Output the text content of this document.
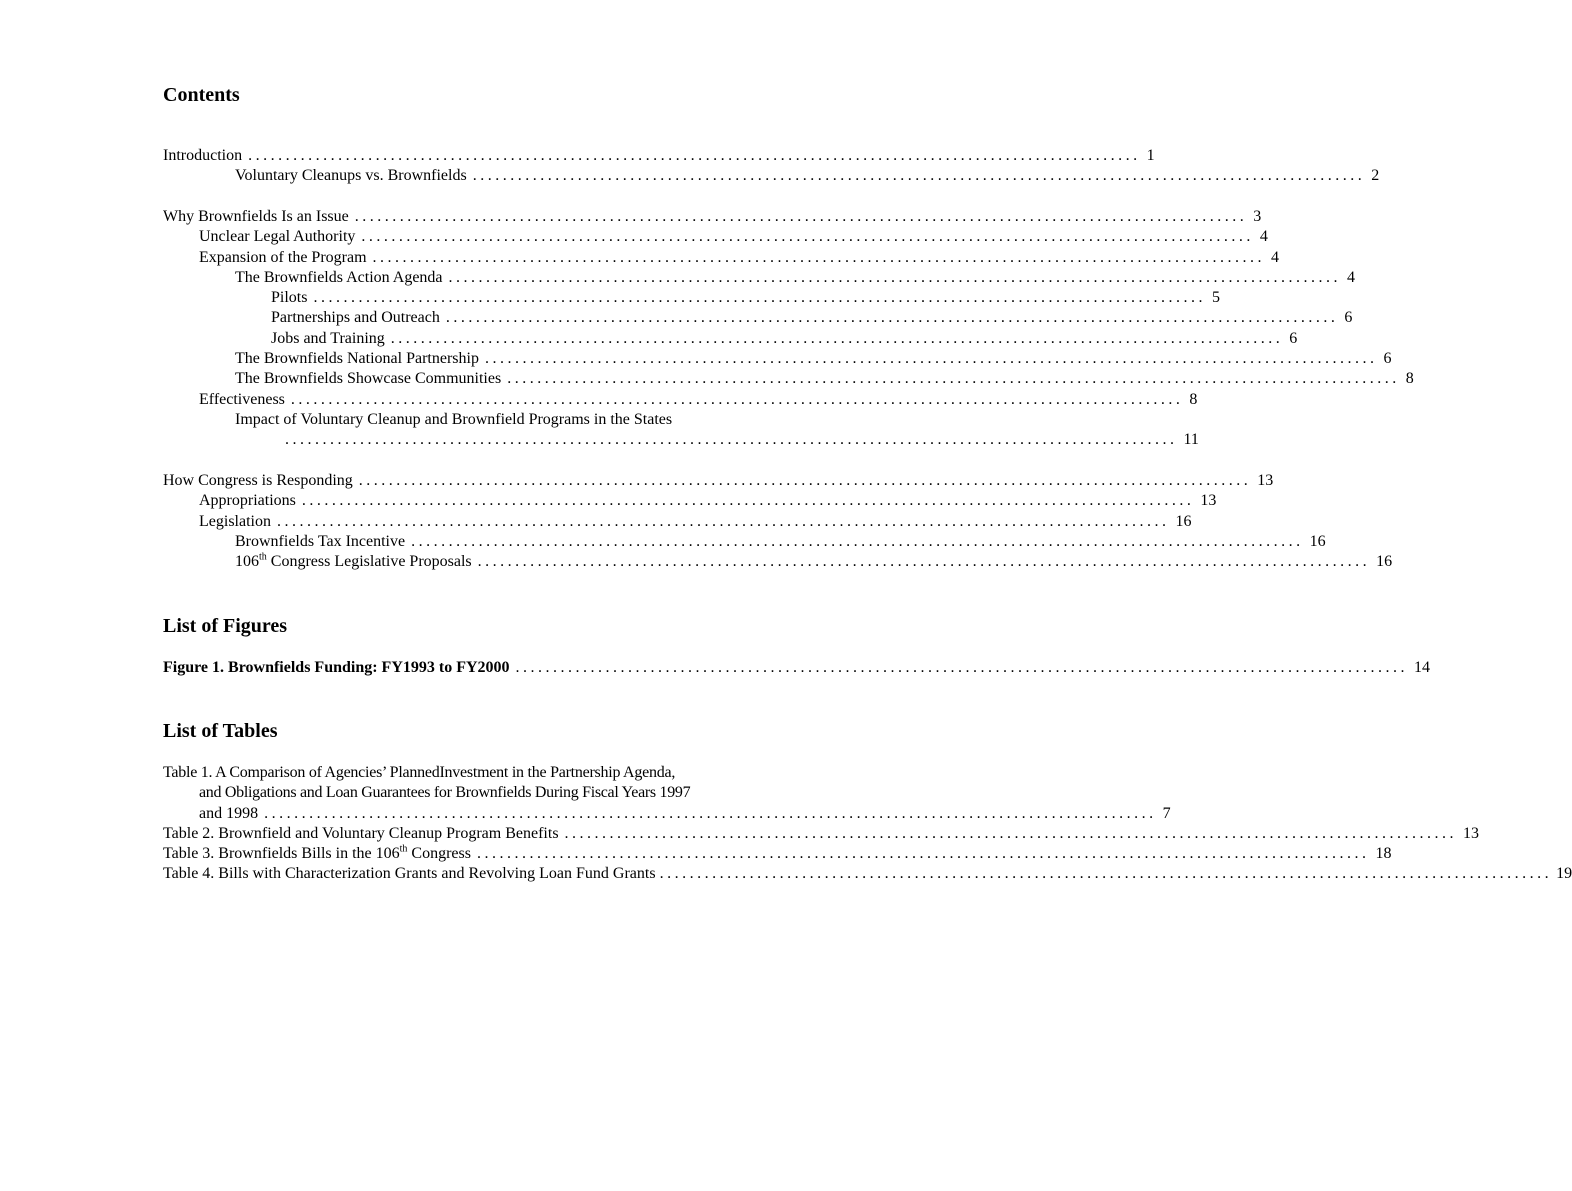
Contents
Introduction ....................................................................................................................... 1
Voluntary Cleanups vs. Brownfields ....................................................................................................................... 2
Why Brownfields Is an Issue ....................................................................................................................... 3
Unclear Legal Authority ....................................................................................................................... 4
Expansion of the Program ....................................................................................................................... 4
The Brownfields Action Agenda ....................................................................................................................... 4
Pilots ....................................................................................................................... 5
Partnerships and Outreach ....................................................................................................................... 6
Jobs and Training ....................................................................................................................... 6
The Brownfields National Partnership ....................................................................................................................... 6
The Brownfields Showcase Communities ....................................................................................................................... 8
Effectiveness ....................................................................................................................... 8
Impact of Voluntary Cleanup and Brownfield Programs in the States
....................................................................................................................... 11
How Congress is Responding ....................................................................................................................... 13
Appropriations ....................................................................................................................... 13
Legislation ....................................................................................................................... 16
Brownfields Tax Incentive ....................................................................................................................... 16
106th Congress Legislative Proposals ....................................................................................................................... 16
List of Figures
Figure 1. Brownfields Funding: FY1993 to FY2000 ....................................................................................................................... 14
List of Tables
Table 1. A Comparison of Agencies’ PlannedInvestment in the Partnership Agenda,
and Obligations and Loan Guarantees for Brownfields During Fiscal Years 1997
and 1998 ....................................................................................................................... 7
Table 2. Brownfield and Voluntary Cleanup Program Benefits ....................................................................................................................... 13
Table 3. Brownfields Bills in the 106th Congress ....................................................................................................................... 18
Table 4. Bills with Characterization Grants and Revolving Loan Fund Grants ....................................................................................................................... 19
